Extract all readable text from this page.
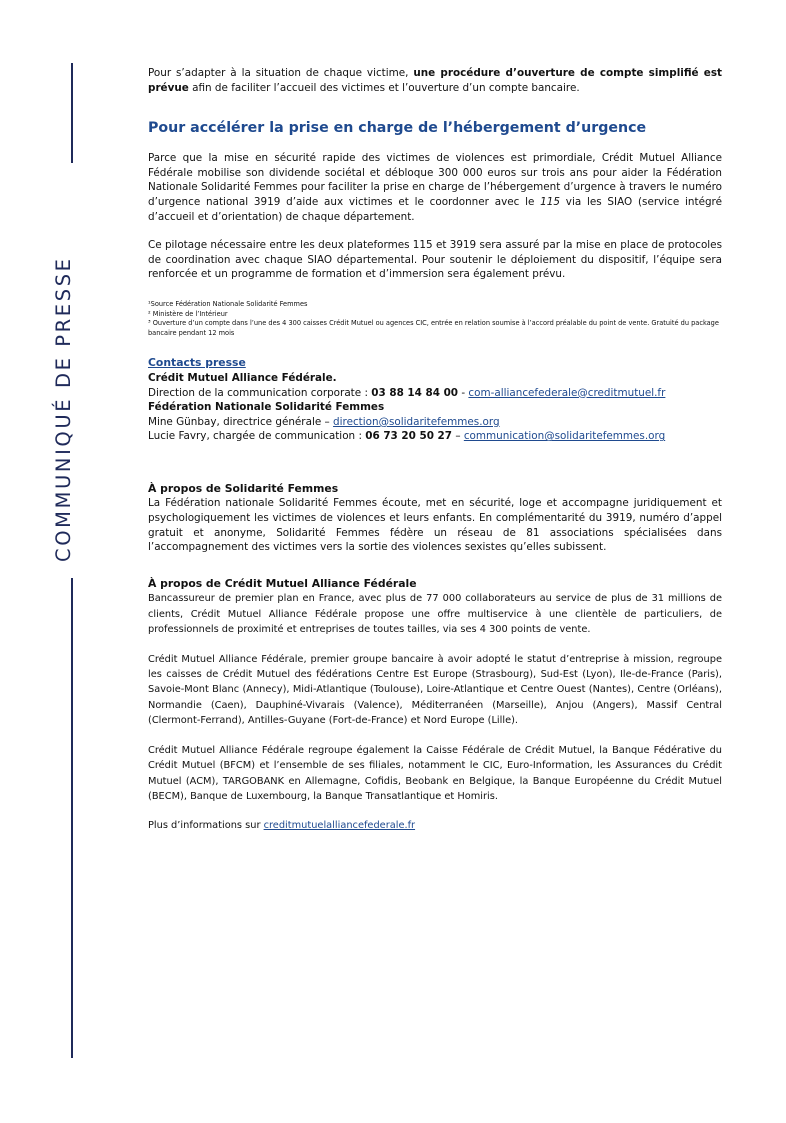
COMMUNIQUÉ DE PRESSE

Pour s’adapter à la situation de chaque victime, une procédure d’ouverture de compte simplifié est prévue afin de faciliter l’accueil des victimes et l’ouverture d’un compte bancaire.

Pour accélérer la prise en charge de l’hébergement d’urgence

Parce que la mise en sécurité rapide des victimes de violences est primordiale, Crédit Mutuel Alliance Fédérale mobilise son dividende sociétal et débloque 300 000 euros sur trois ans pour aider la Fédération Nationale Solidarité Femmes pour faciliter la prise en charge de l’hébergement d’urgence à travers le numéro d’urgence national 3919 d’aide aux victimes et le coordonner avec le 115 via les SIAO (service intégré d’accueil et d’orientation) de chaque département.

Ce pilotage nécessaire entre les deux plateformes 115 et 3919 sera assuré par la mise en place de protocoles de coordination avec chaque SIAO départemental. Pour soutenir le déploiement du dispositif, l’équipe sera renforcée et un programme de formation et d’immersion sera également prévu.

¹Source Fédération Nationale Solidarité Femmes
² Ministère de l’Intérieur
³ Ouverture d’un compte dans l’une des 4 300 caisses Crédit Mutuel ou agences CIC, entrée en relation soumise à l’accord préalable du point de vente. Gratuité du package bancaire pendant 12 mois
Contacts presse
Crédit Mutuel Alliance Fédérale.
Direction de la communication corporate : 03 88 14 84 00 - com-alliancefederale@creditmutuel.fr
Fédération Nationale Solidarité Femmes
Mine Günbay, directrice générale – direction@solidaritefemmes.org
Lucie Favry, chargée de communication : 06 73 20 50 27 – communication@solidaritefemmes.org
À propos de Solidarité Femmes

La Fédération nationale Solidarité Femmes écoute, met en sécurité, loge et accompagne juridiquement et psychologiquement les victimes de violences et leurs enfants. En complémentarité du 3919, numéro d’appel gratuit et anonyme, Solidarité Femmes fédère un réseau de 81 associations spécialisées dans l’accompagnement des victimes vers la sortie des violences sexistes qu’elles subissent.

À propos de Crédit Mutuel Alliance Fédérale

Bancassureur de premier plan en France, avec plus de 77 000 collaborateurs au service de plus de 31 millions de clients, Crédit Mutuel Alliance Fédérale propose une offre multiservice à une clientèle de particuliers, de professionnels de proximité et entreprises de toutes tailles, via ses 4 300 points de vente.

Crédit Mutuel Alliance Fédérale, premier groupe bancaire à avoir adopté le statut d’entreprise à mission, regroupe les caisses de Crédit Mutuel des fédérations Centre Est Europe (Strasbourg), Sud-Est (Lyon), Ile-de-France (Paris), Savoie-Mont Blanc (Annecy), Midi-Atlantique (Toulouse), Loire-Atlantique et Centre Ouest (Nantes), Centre (Orléans), Normandie (Caen), Dauphiné-Vivarais (Valence), Méditerranéen (Marseille), Anjou (Angers), Massif Central (Clermont-Ferrand), Antilles-Guyane (Fort-de-France) et Nord Europe (Lille).

Crédit Mutuel Alliance Fédérale regroupe également la Caisse Fédérale de Crédit Mutuel, la Banque Fédérative du Crédit Mutuel (BFCM) et l’ensemble de ses filiales, notamment le CIC, Euro-Information, les Assurances du Crédit Mutuel (ACM), TARGOBANK en Allemagne, Cofidis, Beobank en Belgique, la Banque Européenne du Crédit Mutuel (BECM), Banque de Luxembourg, la Banque Transatlantique et Homiris.

Plus d’informations sur creditmutuelalliancefederale.fr
